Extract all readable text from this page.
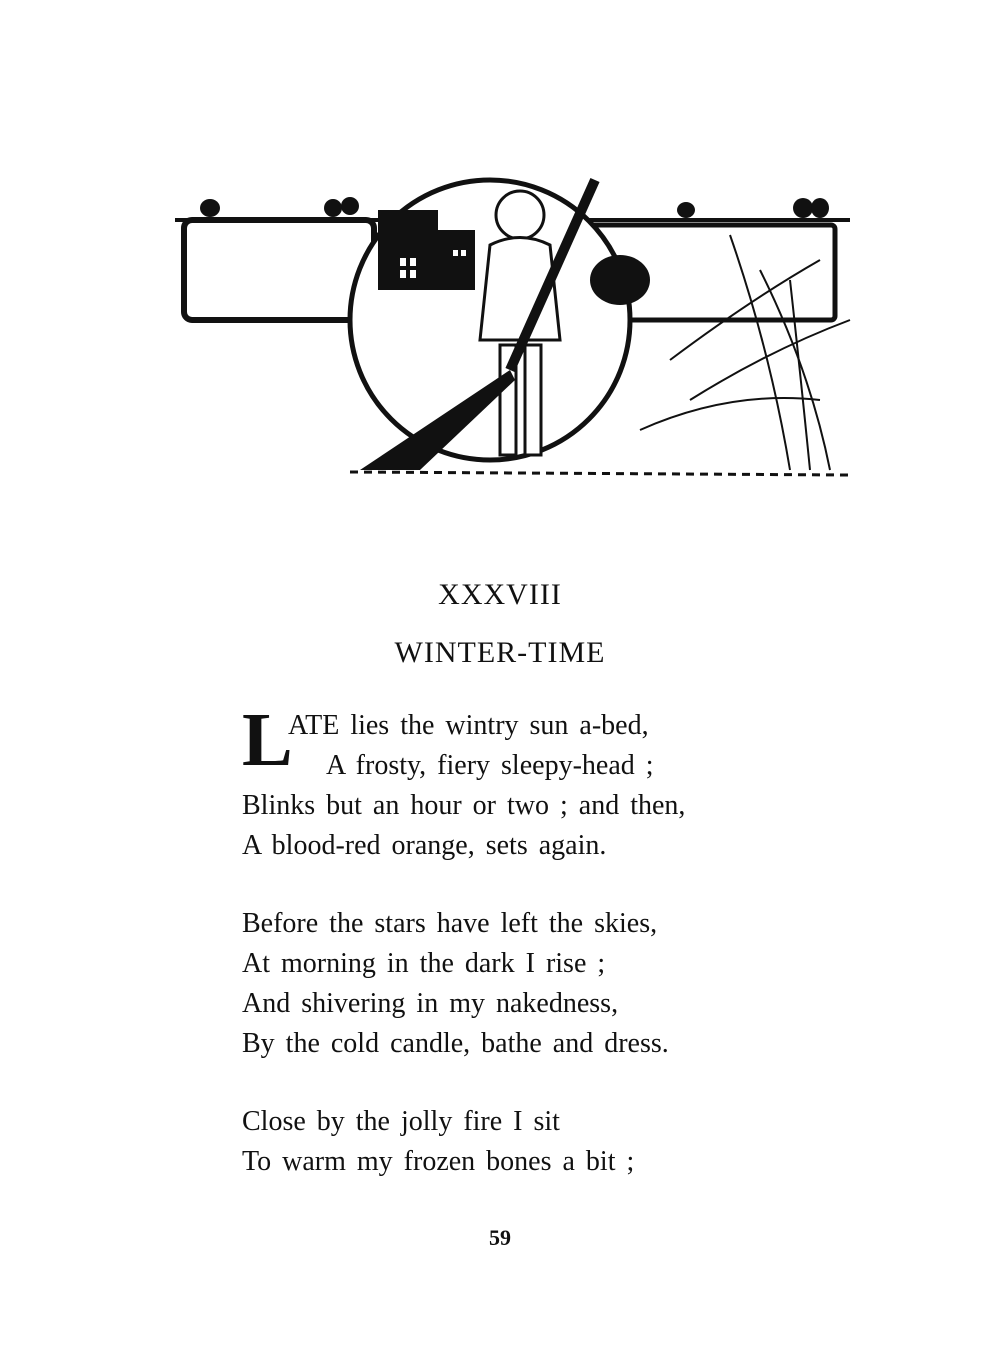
XXXVIII
WINTER-TIME
L
ATE lies the wintry sun a-bed,
A frosty, fiery sleepy-head ;
Blinks but an hour or two ; and then,
A blood-red orange, sets again.
Before the stars have left the skies,
At morning in the dark I rise ;
And shivering in my nakedness,
By the cold candle, bathe and dress.
Close by the jolly fire I sit
To warm my frozen bones a bit ;
59
